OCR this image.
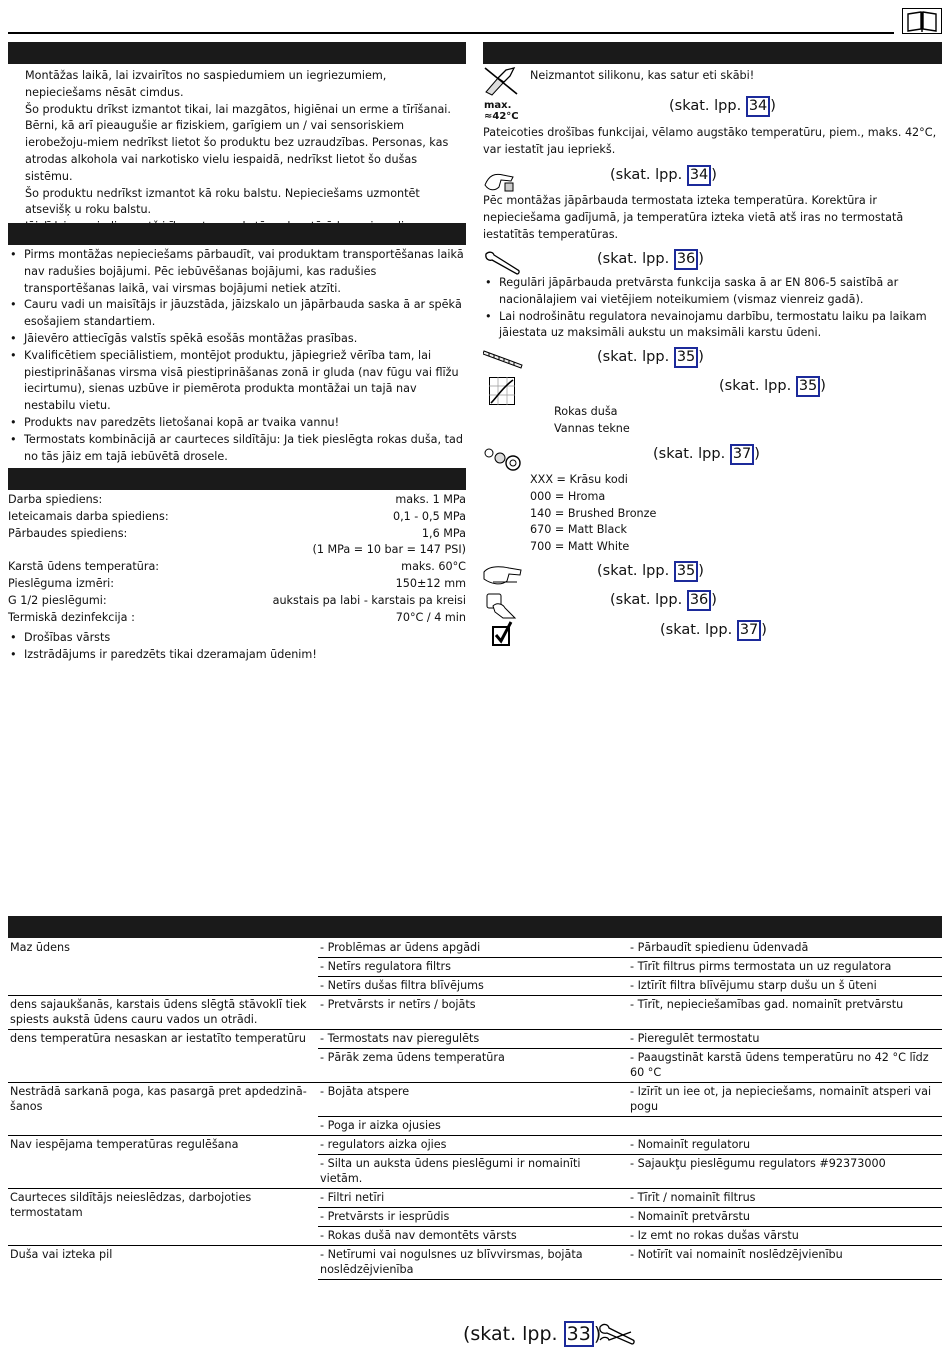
Montāžas laikā, lai izvairītos no saspiedumiem un iegriezumiem, nepieciešams nēsāt cimdus.

Šo produktu drīkst izmantot tikai, lai mazgātos, higiēnai un erme a tīrīšanai.

Bērni, kā arī pieaugušie ar fiziskiem, garīgiem un / vai sensoriskiem ierobežoju-miem nedrīkst lietot šo produktu bez uzraudzības. Personas, kas atrodas alkohola vai narkotisko vielu iespaidā, nedrīkst lietot šo dušas sistēmu.

Šo produktu nedrīkst izmantot kā roku balstu. Nepieciešams uzmontēt atsevišķ u roku balstu.

• Pirms montāžas nepieciešams pārbaudīt, vai produktam transportēšanas laikā nav radušies bojājumi. Pēc iebūvēšanas bojājumi, kas radušies transportēšanas laikā, vai virsmas bojājumi netiek atzīti.
• Cauru vadi un maisītājs ir jāuzstāda, jāizskalo un jāpārbauda saska ā ar spēkā esošajiem standartiem.
• Jāievēro attiecīgās valstīs spēkā esošās montāžas prasības.
• Kvalificētiem speciālistiem, montējot produktu, jāpiegriež vērība tam, lai piestiprināšanas virsma visā piestiprināšanas zonā ir gluda (nav fūgu vai flīžu iecirtumu), sienas uzbūve ir piemērota produkta montāžai un tajā nav nestabilu vietu.
• Produkts nav paredzēts lietošanai kopā ar tvaika vannu!
• Termostats kombinācijā ar caurteces sildītāju: Ja tiek pieslēgta rokas duša, tad no tās jāiz em tajā iebūvētā drosele.
Darba spiediens:	maks. 1 MPa
Ieteicamais darba spiediens:	0,1 - 0,5 MPa
Pārbaudes spiediens:	1,6 MPa
(1 MPa = 10 bar = 147 PSI)
Karstā ūdens temperatūra:	maks. 60°C
Pieslēguma izmēri:	150±12 mm
G 1/2 pieslēgumi:	aukstais pa labi - karstais pa kreisi
Termiskā dezinfekcija :	70°C / 4 min
• Drošības vārsts
• Izstrādājums ir paredzēts tikai dzeramajam ūdenim!
Neizmantot silikonu, kas satur eti skābi!
max.
≈42°C
(skat. lpp. 34 )
Pateicoties drošības funkcijai, vēlamo augstāko temperatūru, piem., maks. 42°C, var iestatīt jau iepriekš.
(skat. lpp. 34 )
Pēc montāžas jāpārbauda termostata izteka temperatūra. Korektūra ir nepieciešama gadījumā, ja temperatūra izteka vietā atš iras no termostatā iestatītās temperatūras.
(skat. lpp. 36 )
• Regulāri jāpārbauda pretvārsta funkcija saska ā ar EN 806-5 saistībā ar nacionālajiem vai vietējiem noteikumiem (vismaz vienreiz gadā).
• Lai nodrošinātu regulatora nevainojamu darbību, termostatu laiku pa laikam jāiestata uz maksimāli aukstu un maksimāli karstu ūdeni.
(skat. lpp. 35 )
(skat. lpp. 35 )
Rokas duša
Vannas tekne
(skat. lpp. 37 )
XXX = Krāsu kodi
000 = Hroma
140 = Brushed Bronze
670 = Matt Black
700 = Matt White
(skat. lpp. 35 )
(skat. lpp. 36 )
(skat. lpp. 37 )
Maz ūdens	- Problēmas ar ūdens apgādi	- Pārbaudīt spiedienu ūdenvadā
	- Netīrs regulatora filtrs	- Tīrīt filtrus pirms termostata un uz regulatora
	- Netīrs dušas filtra blīvējums	- Iztīrīt filtra blīvējumu starp dušu un š ūteni
dens sajaukšanās, karstais ūdens slēgtā stāvoklī tiek spiests aukstā ūdens cauru vados un otrādi.	- Pretvārsts ir netīrs / bojāts	- Tīrīt, nepieciešamības gad. nomainīt pretvārstu
dens temperatūra nesaskan ar iestatīto temperatūru	- Termostats nav pieregulēts	- Pieregulēt termostatu
	- Pārāk zema ūdens temperatūra	- Paaugstināt karstā ūdens temperatūru no 42 °C līdz 60 °C
Nestrādā sarkanā poga, kas pasargā pret apdedzinā-šanos	- Bojāta atspere	- Izīrīt un iee ot, ja nepieciešams, nomainīt atsperi vai pogu
	- Poga ir aizka ojusies	
Nav iespējama temperatūras regulēšana	- regulators aizka ojies	- Nomainīt regulatoru
	- Silta un auksta ūdens pieslēgumi ir nomainīti vietām.	- Sajaukţu pieslēgumu regulators #92373000
Caurteces sildītājs neieslēdzas, darbojoties termostatam	- Filtri netīri	- Tīrīt / nomainīt filtrus
	- Pretvārsts ir iesprūdis	- Nomainīt pretvārstu
	- Rokas dušā nav demontēts vārsts	- Iz emt no rokas dušas vārstu
Duša vai izteka pil	- Netīrumi vai nogulsnes uz blīvvirsmas, bojāta noslēdzējvienība	- Notīrīt vai nomainīt noslēdzējvienību
(skat. lpp. 33 )
